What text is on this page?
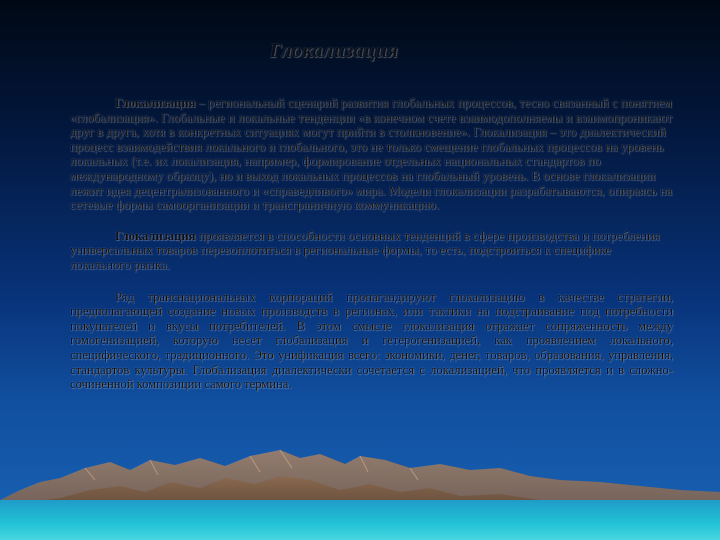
Глокализация

Глокализация – региональный сценарий развития глобальных процессов, тесно связанный с понятием «глобализация». Глобальные и локальные тенденции «в конечном счете взаимодополняемы и взаимопроникают друг в друга, хотя в конкретных ситуациях могут прийти в столкновение». Глокализация – это диалектический процесс взаимодействия локального и глобального, это не только смещение глобальных процессов на уровень локальных (т.е. их локализация, например, формирование отдельных национальных стандартов по международному образцу), но и выход локальных процессов на глобальный уровень. В основе глокализации лежит идея децентрализованного и «справедливого» мира. Модели глокализации разрабатываются, опираясь на сетевые формы самоорганизации и трансграничную коммуникацию.

Глокализация проявляется в способности основных тенденций в сфере производства и потребления универсальных товаров перевоплотиться в региональные формы, то есть, подстроиться к специфике локального рынка.

Ряд транснациональных корпораций пропагандируют глокализацию в качестве стратегии, предполагающей создание новых производств в регионах, или тактики на подстраивание под потребности покупателей и вкусы потребителей. В этом смысле глокализация отражает сопряженность между гомогенизацией, которую несет глобализация и гетерогенизацией, как проявлением локального, специфического, традиционного. Это унификация всего: экономики, денег, товаров, образования, управления, стандартов культуры. Глобализация диалектически сочетается с локализацией, что проявляется и в сложно-сочиненной композиции самого термина.
